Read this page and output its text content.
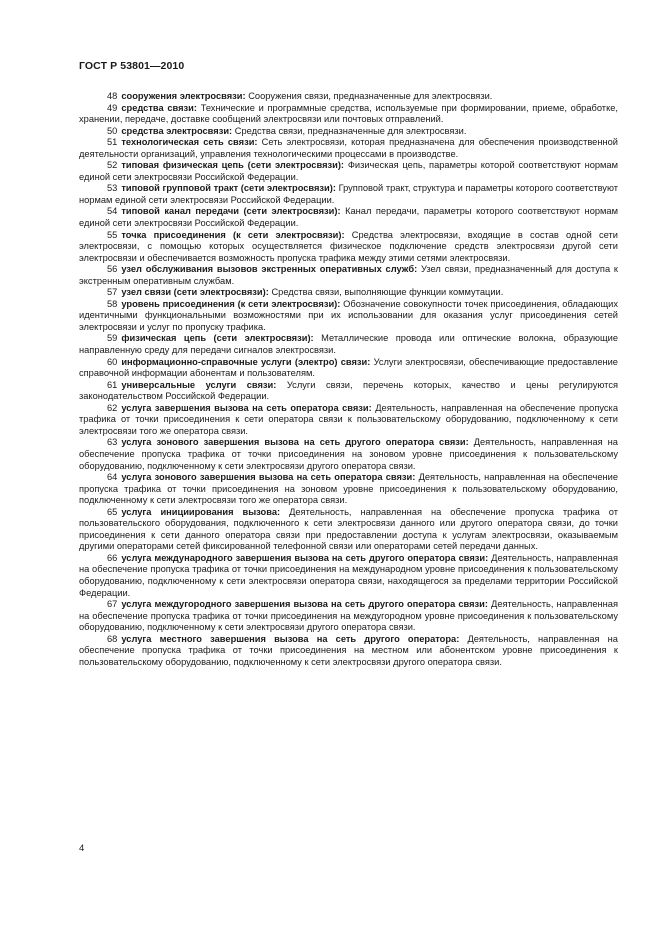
ГОСТ Р 53801—2010

48 сооружения электросвязи: Сооружения связи, предназначенные для электросвязи.

49 средства связи: Технические и программные средства, используемые при формировании, приеме, обработке, хранении, передаче, доставке сообщений электросвязи или почтовых отправлений.

50 средства электросвязи: Средства связи, предназначенные для электросвязи.

51 технологическая сеть связи: Сеть электросвязи, которая предназначена для обеспечения производственной деятельности организаций, управления технологическими процессами в производстве.

52 типовая физическая цепь (сети электросвязи): Физическая цепь, параметры которой соответствуют нормам единой сети электросвязи Российской Федерации.

53 типовой групповой тракт (сети электросвязи): Групповой тракт, структура и параметры которого соответствуют нормам единой сети электросвязи Российской Федерации.

54 типовой канал передачи (сети электросвязи): Канал передачи, параметры которого соответствуют нормам единой сети электросвязи Российской Федерации.

55 точка присоединения (к сети электросвязи): Средства электросвязи, входящие в состав одной сети электросвязи, с помощью которых осуществляется физическое подключение средств электросвязи другой сети электросвязи и обеспечивается возможность пропуска трафика между этими сетями электросвязи.

56 узел обслуживания вызовов экстренных оперативных служб: Узел связи, предназначенный для доступа к экстренным оперативным службам.

57 узел связи (сети электросвязи): Средства связи, выполняющие функции коммутации.

58 уровень присоединения (к сети электросвязи): Обозначение совокупности точек присоединения, обладающих идентичными функциональными возможностями при их использовании для оказания услуг присоединения сетей электросвязи и услуг по пропуску трафика.

59 физическая цепь (сети электросвязи): Металлические провода или оптические волокна, образующие направленную среду для передачи сигналов электросвязи.

60 информационно-справочные услуги (электро) связи: Услуги электросвязи, обеспечивающие предоставление справочной информации абонентам и пользователям.

61 универсальные услуги связи: Услуги связи, перечень которых, качество и цены регулируются законодательством Российской Федерации.

62 услуга завершения вызова на сеть оператора связи: Деятельность, направленная на обеспечение пропуска трафика от точки присоединения к сети оператора связи к пользовательскому оборудованию, подключенному к сети электросвязи того же оператора связи.

63 услуга зонового завершения вызова на сеть другого оператора связи: Деятельность, направленная на обеспечение пропуска трафика от точки присоединения на зоновом уровне присоединения к пользовательскому оборудованию, подключенному к сети электросвязи другого оператора связи.

64 услуга зонового завершения вызова на сеть оператора связи: Деятельность, направленная на обеспечение пропуска трафика от точки присоединения на зоновом уровне присоединения к пользовательскому оборудованию, подключенному к сети электросвязи того же оператора связи.

65 услуга инициирования вызова: Деятельность, направленная на обеспечение пропуска трафика от пользовательского оборудования, подключенного к сети электросвязи данного или другого оператора связи, до точки присоединения к сети данного оператора связи при предоставлении доступа к услугам электросвязи, оказываемым другими операторами сетей фиксированной телефонной связи или операторами сетей передачи данных.

66 услуга международного завершения вызова на сеть другого оператора связи: Деятельность, направленная на обеспечение пропуска трафика от точки присоединения на международном уровне присоединения к пользовательскому оборудованию, подключенному к сети электросвязи оператора связи, находящегося за пределами территории Российской Федерации.

67 услуга междугородного завершения вызова на сеть другого оператора связи: Деятельность, направленная на обеспечение пропуска трафика от точки присоединения на междугородном уровне присоединения к пользовательскому оборудованию, подключенному к сети электросвязи другого оператора связи.

68 услуга местного завершения вызова на сеть другого оператора: Деятельность, направленная на обеспечение пропуска трафика от точки присоединения на местном или абонентском уровне присоединения к пользовательскому оборудованию, подключенному к сети электросвязи другого оператора связи.

4
